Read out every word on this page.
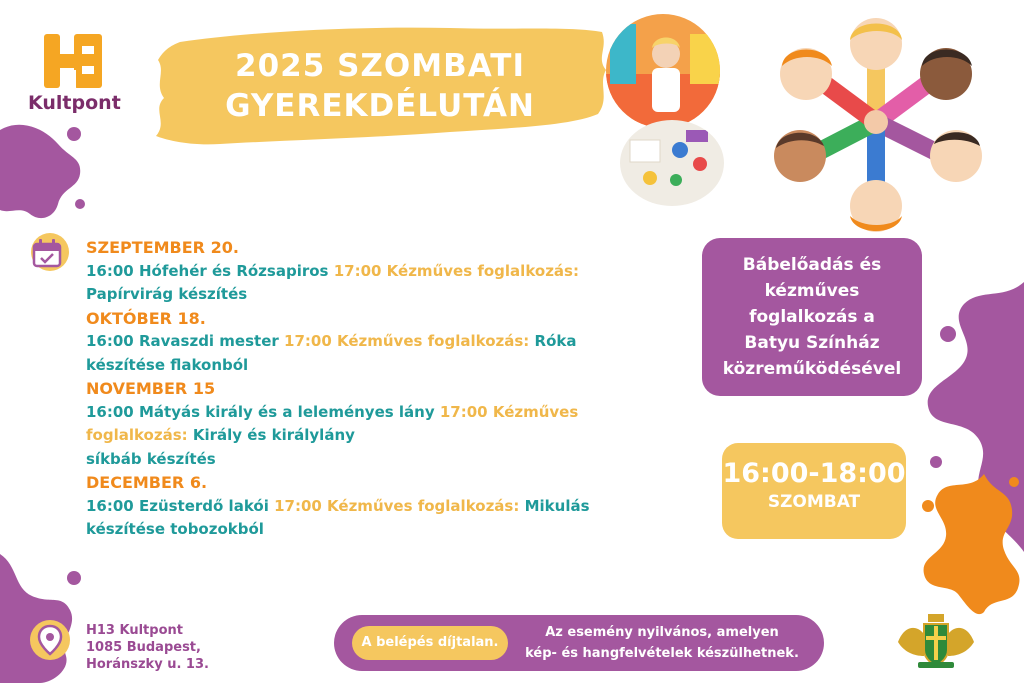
Kultpont
2025 SZOMBATI
GYEREKDÉLUTÁN
SZEPTEMBER 20.
16:00 Hófehér és Rózsapiros 17:00 Kézműves foglalkozás:
Papírvirág készítés
OKTÓBER 18.
16:00 Ravaszdi mester 17:00 Kézműves foglalkozás: Róka
készítése flakonból
NOVEMBER 15
16:00 Mátyás király és a leleményes lány 17:00 Kézműves
foglalkozás: Király és királylány
síkbáb készítés
DECEMBER 6.
16:00 Ezüsterdő lakói 17:00 Kézműves foglalkozás: Mikulás
készítése tobozokból
Bábelőadás és
kézműves
foglalkozás a
Batyu Színház
közreműködésével
16:00-18:00
SZOMBAT
H13 Kultpont
1085 Budapest,
Horánszky u. 13.
A belépés díjtalan.
Az esemény nyilvános, amelyen
kép- és hangfelvételek készülhetnek.
